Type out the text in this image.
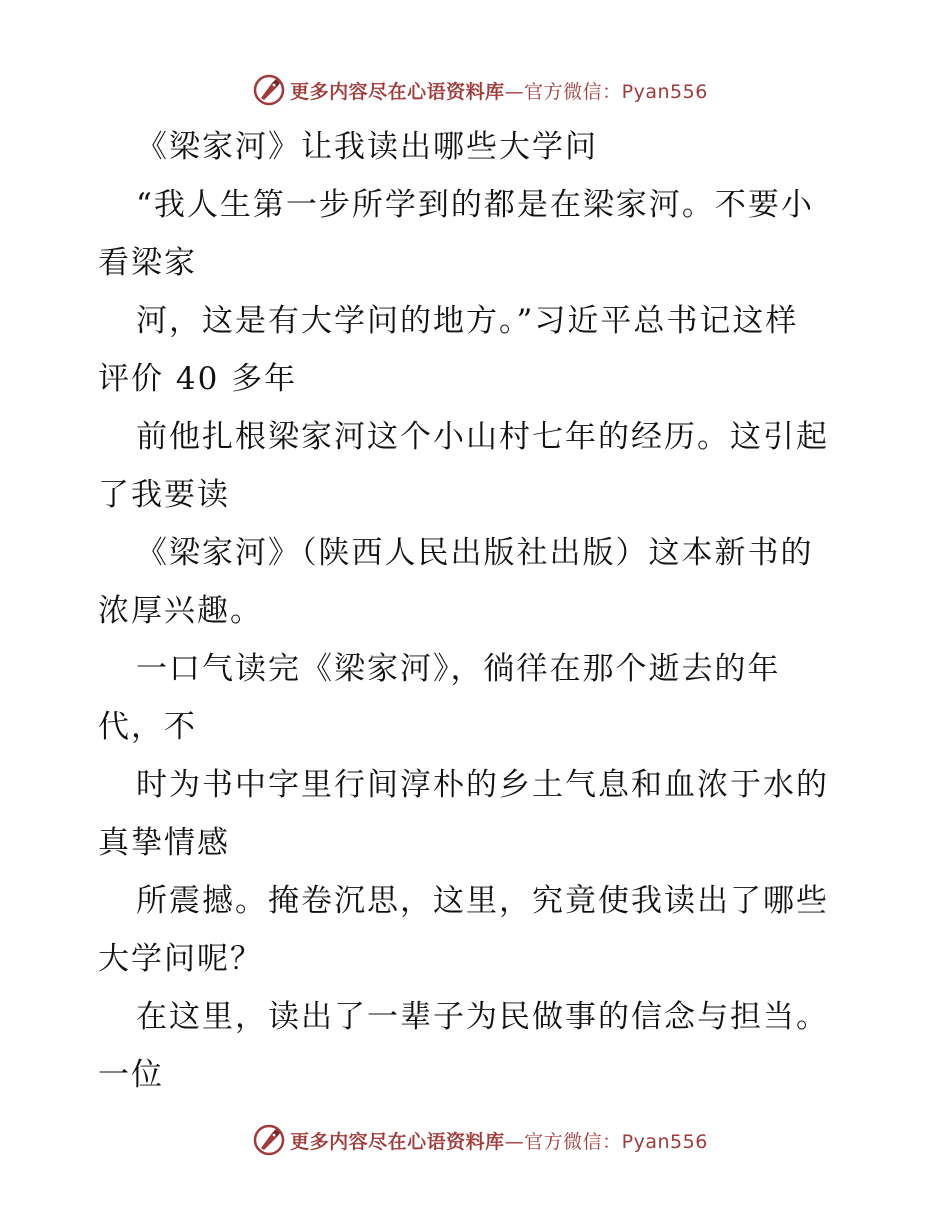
更多内容尽在心语资料库 —官方微信：Pyan556
《梁家河》让我读出哪些大学问
“我人生第一步所学到的都是在梁家河。不要小
看梁家
河，这是有大学问的地方。”习近平总书记这样
评价 40 多年
前他扎根梁家河这个小山村七年的经历。这引起
了我要读
《梁家河》（陕西人民出版社出版）这本新书的
浓厚兴趣。
一口气读完《梁家河》，徜徉在那个逝去的年
代，不
时为书中字里行间淳朴的乡土气息和血浓于水的
真挚情感
所震撼。掩卷沉思，这里，究竟使我读出了哪些
大学问呢？
在这里，读出了一辈子为民做事的信念与担当。
一位
更多内容尽在心语资料库 —官方微信：Pyan556
